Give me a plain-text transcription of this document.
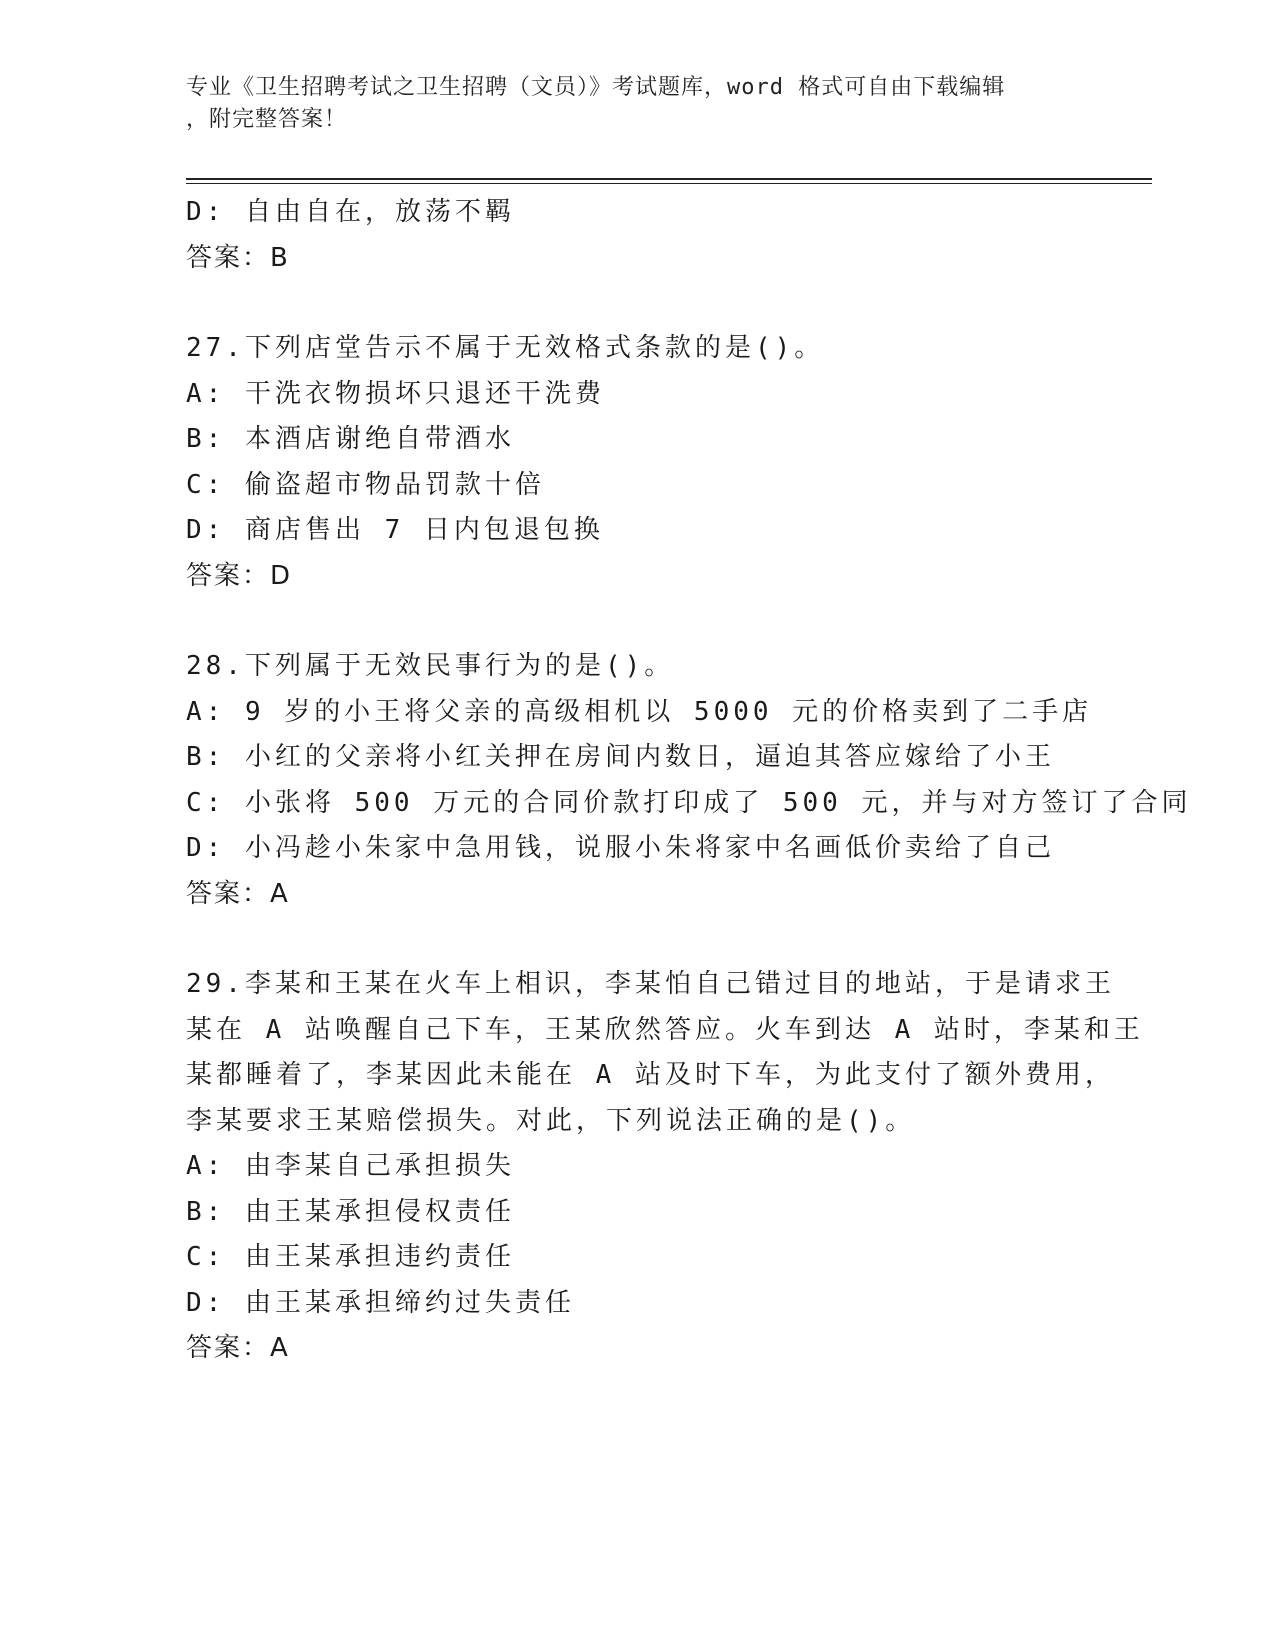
专业《卫生招聘考试之卫生招聘（文员）》考试题库，word 格式可自由下载编辑
，附完整答案！
D: 自由自在，放荡不羁
答案：B
27.下列店堂告示不属于无效格式条款的是()。
A: 干洗衣物损坏只退还干洗费
B: 本酒店谢绝自带酒水
C: 偷盗超市物品罚款十倍
D: 商店售出 7 日内包退包换
答案：D
28.下列属于无效民事行为的是()。
A: 9 岁的小王将父亲的高级相机以 5000 元的价格卖到了二手店
B: 小红的父亲将小红关押在房间内数日，逼迫其答应嫁给了小王
C: 小张将 500 万元的合同价款打印成了 500 元，并与对方签订了合同
D: 小冯趁小朱家中急用钱，说服小朱将家中名画低价卖给了自己
答案：A
29.李某和王某在火车上相识，李某怕自己错过目的地站，于是请求王
某在 A 站唤醒自己下车，王某欣然答应。火车到达 A 站时，李某和王
某都睡着了，李某因此未能在 A 站及时下车，为此支付了额外费用，
李某要求王某赔偿损失。对此，下列说法正确的是()。
A: 由李某自己承担损失
B: 由王某承担侵权责任
C: 由王某承担违约责任
D: 由王某承担缔约过失责任
答案：A
